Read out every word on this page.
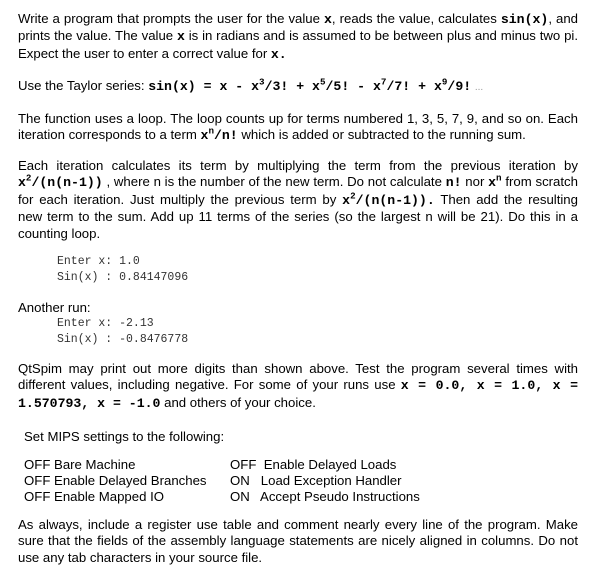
Write a program that prompts the user for the value x, reads the value, calculates sin(x), and prints the value. The value x is in radians and is assumed to be between plus and minus two pi. Expect the user to enter a correct value for x.
Use the Taylor series: $\sin(x) = x - x^3/3$! + $x^5/5$! - $x^7/7$! + $x^9/9$! ...
The function uses a loop. The loop counts up for terms numbered 1, 3, 5, 7, 9, and so on. Each iteration corresponds to a term $x^n/n$! which is added or subtracted to the running sum.
Each iteration calculates its term by multiplying the term from the previous iteration by $x^2/(n(n-1))$ , where n is the number of the new term. Do not calculate n! nor $x^n$ from scratch for each iteration. Just multiply the previous term by $x^2/(n(n-1))$. Then add the resulting new term to the sum. Add up 11 terms of the series (so the largest n will be 21). Do this in a counting loop.
Enter x: 1.0
Sin(x) : 0.84147096
Another run:
Enter x: -2.13
Sin(x) : -0.8476778
QtSpim may print out more digits than shown above. Test the program several times with different values, including negative. For some of your runs use x = 0.0, x = 1.0, x = 1.570793, x = -1.0 and others of your choice.
Set MIPS settings to the following:
OFF Bare Machine
OFF Enable Delayed Branches
OFF Enable Mapped IO
OFF  Enable Delayed Loads
ON   Load Exception Handler
ON   Accept Pseudo Instructions
As always, include a register use table and comment nearly every line of the program. Make sure that the fields of the assembly language statements are nicely aligned in columns. Do not use any tab characters in your source file.
